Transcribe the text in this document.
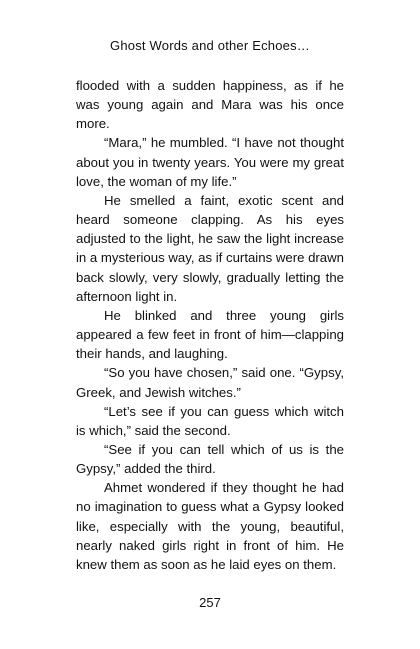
Ghost Words and other Echoes…

flooded with a sudden happiness, as if he was young again and Mara was his once more.

“Mara,” he mumbled. “I have not thought about you in twenty years. You were my great love, the woman of my life.”

He smelled a faint, exotic scent and heard someone clapping. As his eyes adjusted to the light, he saw the light increase in a mysterious way, as if curtains were drawn back slowly, very slowly, gradually letting the afternoon light in.

He blinked and three young girls appeared a few feet in front of him—clapping their hands, and laughing.

“So you have chosen,” said one. “Gypsy, Greek, and Jewish witches.”

“Let’s see if you can guess which witch is which,” said the second.

“See if you can tell which of us is the Gypsy,” added the third.

Ahmet wondered if they thought he had no imagination to guess what a Gypsy looked like, especially with the young, beautiful, nearly naked girls right in front of him. He knew them as soon as he laid eyes on them.

257
